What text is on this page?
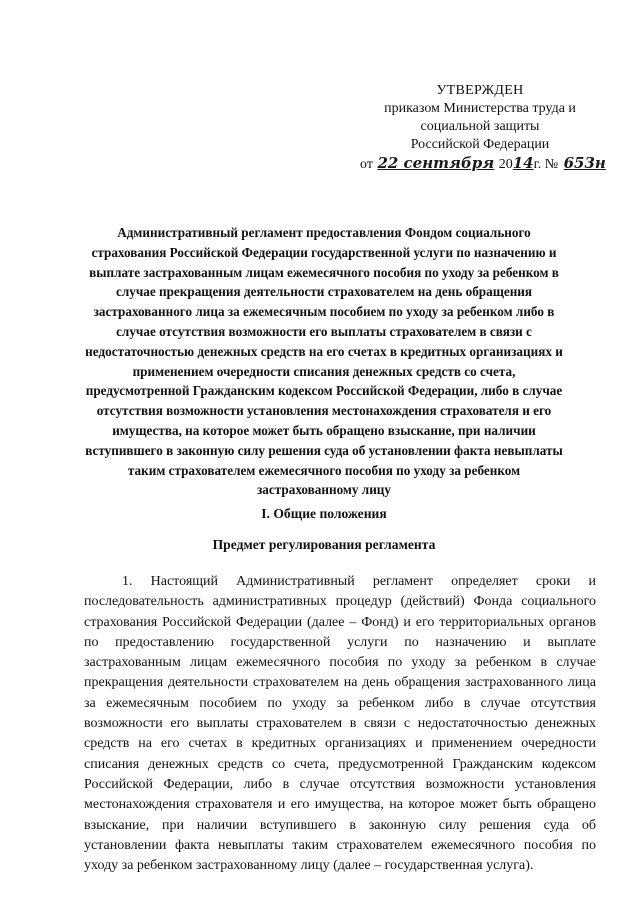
УТВЕРЖДЕН
приказом Министерства труда и
социальной защиты
Российской Федерации
от 22 сентября 2014г. № 653н
Административный регламент предоставления Фондом социального страхования Российской Федерации государственной услуги по назначению и выплате застрахованным лицам ежемесячного пособия по уходу за ребенком в случае прекращения деятельности страхователем на день обращения застрахованного лица за ежемесячным пособием по уходу за ребенком либо в случае отсутствия возможности его выплаты страхователем в связи с недостаточностью денежных средств на его счетах в кредитных организациях и применением очередности списания денежных средств со счета, предусмотренной Гражданским кодексом Российской Федерации, либо в случае отсутствия возможности установления местонахождения страхователя и его имущества, на которое может быть обращено взыскание, при наличии вступившего в законную силу решения суда об установлении факта невыплаты таким страхователем ежемесячного пособия по уходу за ребенком застрахованному лицу
I. Общие положения
Предмет регулирования регламента

1. Настоящий Административный регламент определяет сроки и последовательность административных процедур (действий) Фонда социального страхования Российской Федерации (далее – Фонд) и его территориальных органов по предоставлению государственной услуги по назначению и выплате застрахованным лицам ежемесячного пособия по уходу за ребенком в случае прекращения деятельности страхователем на день обращения застрахованного лица за ежемесячным пособием по уходу за ребенком либо в случае отсутствия возможности его выплаты страхователем в связи с недостаточностью денежных средств на его счетах в кредитных организациях и применением очередности списания денежных средств со счета, предусмотренной Гражданским кодексом Российской Федерации, либо в случае отсутствия возможности установления местонахождения страхователя и его имущества, на которое может быть обращено взыскание, при наличии вступившего в законную силу решения суда об установлении факта невыплаты таким страхователем ежемесячного пособия по уходу за ребенком застрахованному лицу (далее – государственная услуга).
